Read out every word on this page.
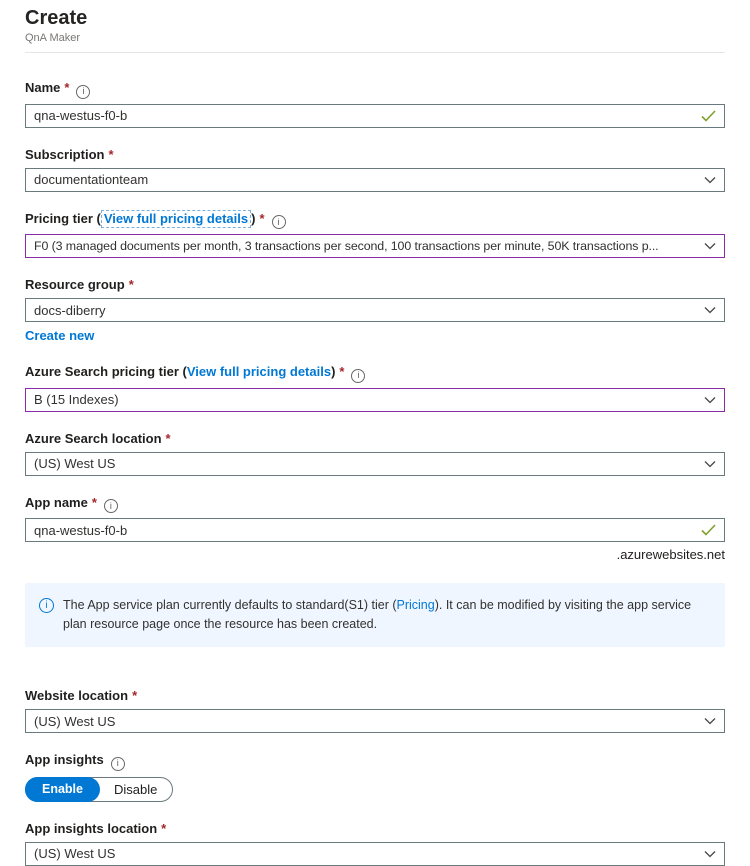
Create
QnA Maker
Name * i
qna-westus-f0-b
Subscription *
documentationteam
Pricing tier ( View full pricing details ) * i
F0 (3 managed documents per month, 3 transactions per second, 100 transactions per minute, 50K transactions p...
Resource group *
docs-diberry
Create new
Azure Search pricing tier (View full pricing details) * i
B (15 Indexes)
Azure Search location *
(US) West US
App name * i
qna-westus-f0-b
.azurewebsites.net
i	The App service plan currently defaults to standard(S1) tier (Pricing). It can be modified by visiting the app service plan resource page once the resource has been created.
Website location *
(US) West US
App insights i
Enable	Disable
App insights location *
(US) West US
